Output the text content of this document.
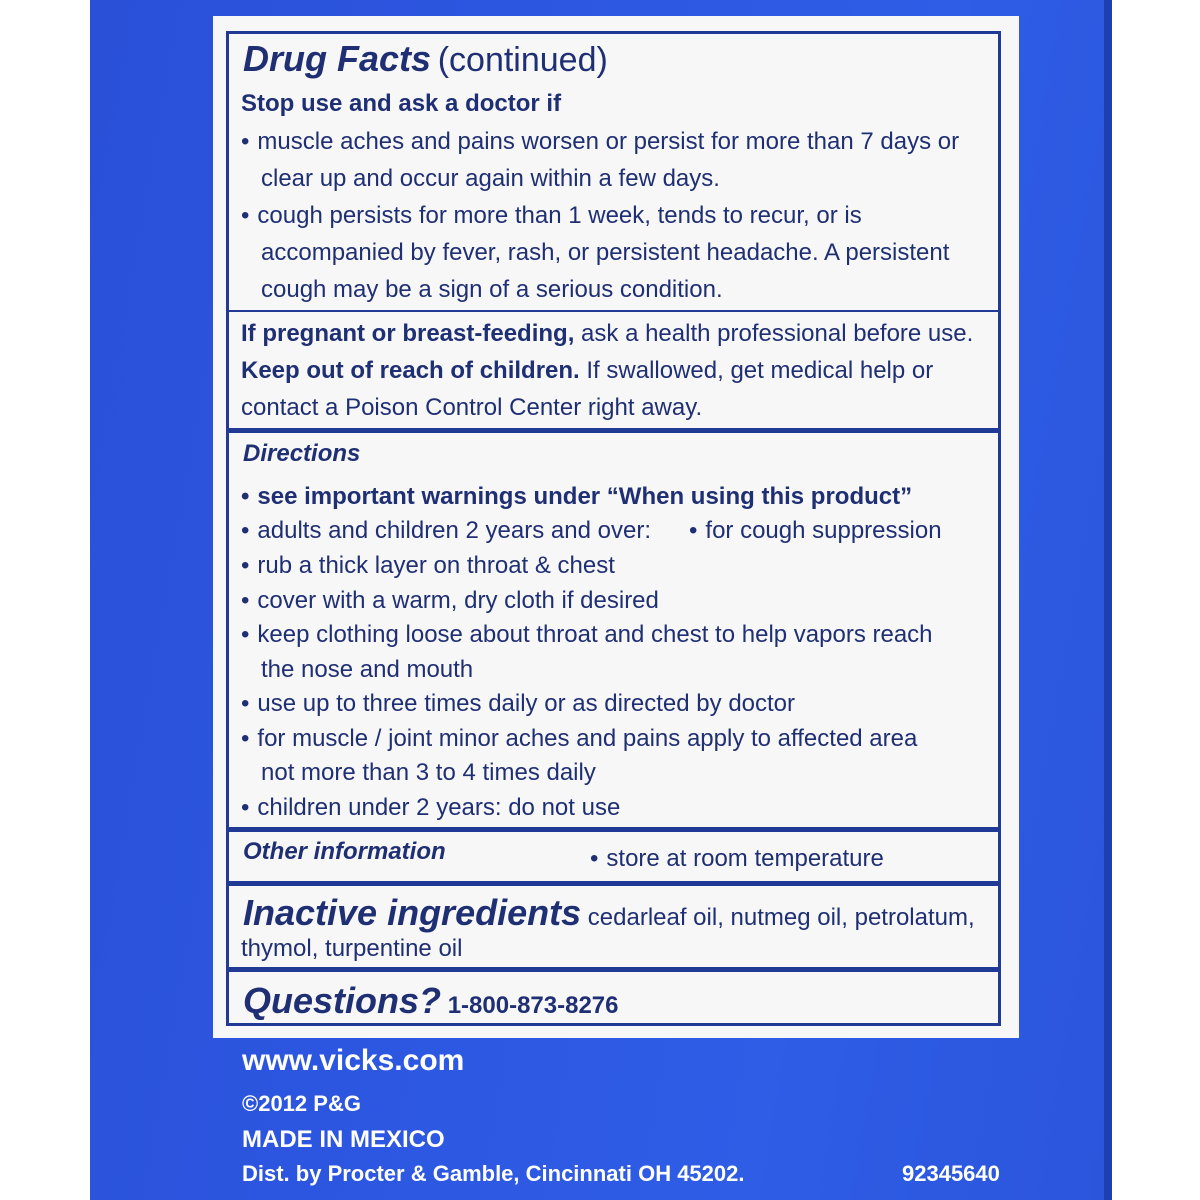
Drug Facts (continued)
Stop use and ask a doctor if
• muscle aches and pains worsen or persist for more than 7 days or
clear up and occur again within a few days.
• cough persists for more than 1 week, tends to recur, or is
accompanied by fever, rash, or persistent headache. A persistent
cough may be a sign of a serious condition.
If pregnant or breast-feeding, ask a health professional before use.
Keep out of reach of children. If swallowed, get medical help or
contact a Poison Control Center right away.
Directions
• see important warnings under “When using this product”
• adults and children 2 years and over:	• for cough suppression
• rub a thick layer on throat & chest
• cover with a warm, dry cloth if desired
• keep clothing loose about throat and chest to help vapors reach
the nose and mouth
• use up to three times daily or as directed by doctor
• for muscle / joint minor aches and pains apply to affected area
not more than 3 to 4 times daily
• children under 2 years: do not use
Other information	• store at room temperature
Inactive ingredients cedarleaf oil, nutmeg oil, petrolatum,
thymol, turpentine oil
Questions? 1-800-873-8276
www.vicks.com
©2012 P&G
MADE IN MEXICO
Dist. by Procter & Gamble, Cincinnati OH 45202.	92345640
